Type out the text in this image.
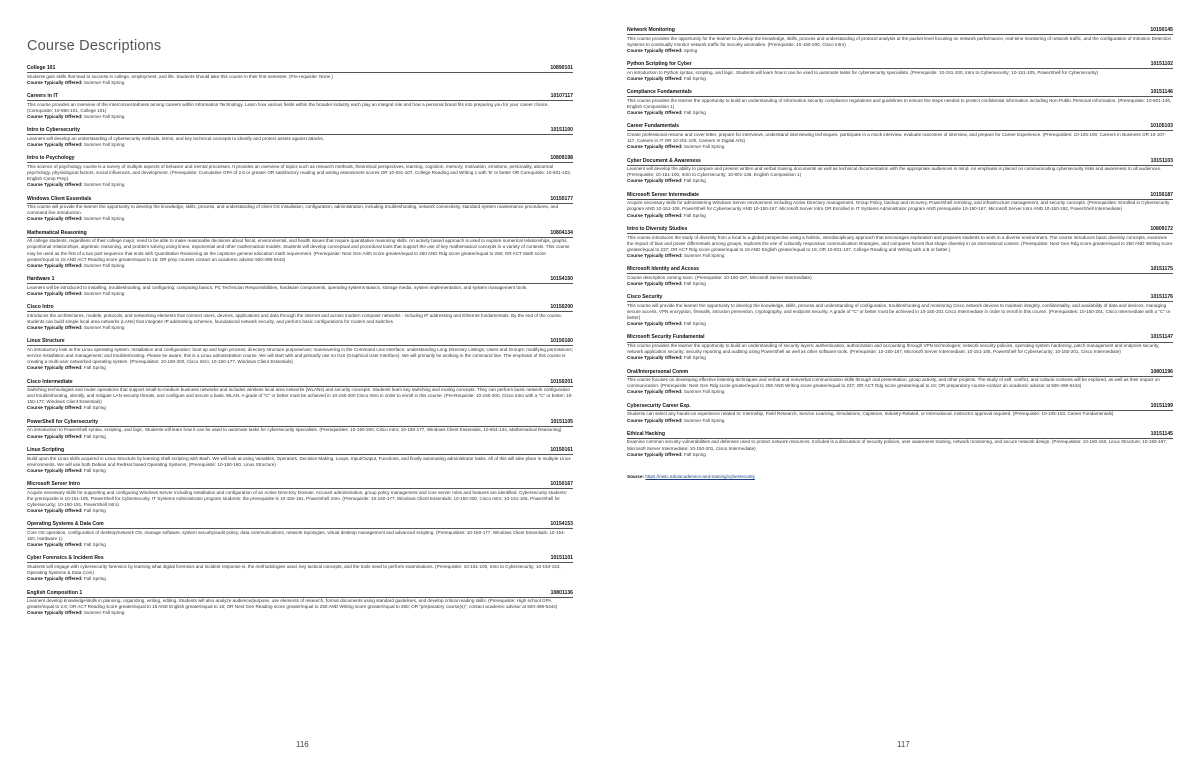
Course Descriptions
College 101	10890101
Students gain skills that lead to success in college, employment, and life. Students should take this course in their first semester. (Pre-requisite: None.)
Course Typically Offered: Summer Fall Spring
Careers in IT	10107117
This course provides an overview of the interconnectedness among careers within Information Technology. Learn how various fields within the broader industry each play an integral role and how a personal brand fits into preparing you for your career choice. (Corequisite: 10-890-101, College 101)
Course Typically Offered: Summer Fall Spring
Intro to Cybersecurity	10151100
Learners will develop an understanding of cybersecurity methods, terms, and key technical concepts to identify and protect assets against attacks.
Course Typically Offered: Summer Fall Spring
Intro to Psychology	10809198
This science of psychology course is a survey of multiple aspects of behavior and mental processes. It provides an overview of topics such as research methods, theoretical perspectives, learning, cognition, memory, motivation, emotions, personality, abnormal psychology, physiological factors, social influences, and development. (Prerequisite: Cumulative GPA of 2.6 or greater OR satisfactory reading and writing assessment scores OR 10-831-107, College Reading and Writing 1 with 'B' or better OR Corequisite: 10-831-102, English Comp Prep).
Course Typically Offered: Summer Fall Spring
Windows Client Essentials	10150177
This course will provide the learner the opportunity to develop the knowledge, skills, process, and understanding of client OS installation, configuration, administration, including troubleshooting, network connectivity, standard system maintenance procedures, and command line introduction.
Course Typically Offered: Summer Fall Spring
Mathematical Reasoning	10804134
All college students, regardless of their college major, need to be able to make reasonable decisions about fiscal, environmental, and health issues that require quantitative reasoning skills. An activity based approach is used to explore numerical relationships, graphs, proportional relationships, algebraic reasoning, and problem solving using linear, exponential and other mathematical models. Students will develop conceptual and procedural tools that support the use of key mathematical concepts in a variety of contexts. This course may be used as the first of a two part sequence that ends with Quantitative Reasoning as the capstone general education math requirement. (Prerequisite: Next Gen Arith score greater/equal to 250 AND Rdg score greater/equal to 250; OR ACT Math score greater/equal to 15 AND ACT Reading score greater/equal to 16; OR prep courses contact an academic advisor 920-498-5444)
Course Typically Offered: Summer Fall Spring
Hardware 1	10154150
Learners will be introduced to installing, troubleshooting, and configuring: computing basics, PC Technician Responsibilities, hardware components, operating systems Basics, storage media, system implementation, and system management tools.
Course Typically Offered: Summer Fall Spring
Cisco Intro	10150200
Introduces the architectures, models, protocols, and networking elements that connect users, devices, applications and data through the internet and across modern computer networks - including IP addressing and Ethernet fundamentals. By the end of the course, students can build simple local area networks (LANs) that integrate IP addressing schemes, foundational network security, and perform basic configurations for routers and switches.
Course Typically Offered: Summer Fall Spring
Linux Structure	10150160
An introductory look at the Linux operating system. Installation and configuration; boot up and login process; directory structure purpose/use; maneuvering in the Command Line Interface; understanding Long Directory Listings; Users and Groups; modifying permissions; service installation and management; and troubleshooting. Please be aware, this is a Linux administration course. We will start with and primarily use no GUI (Graphical User Interface). We will primarily be working in the command line. The emphasis of this course is creating a multi-user networked operating system. (Prerequisites: 10-150-200, Cisco Intro; 10-150-177, Windows Client Essentials)
Course Typically Offered: Fall Spring
Cisco Intermediate	10150201
Switching technologies and router operations that support small-to-medium business networks and includes wireless local area networks (WLANs) and security concepts. Students learn key switching and routing concepts. They can perform basic network configuration and troubleshooting, identify, and mitigate LAN security threats, and configure and secure a basic WLAN. A grade of "C" or better must be achieved in 10-150-200 Cisco Intro in order to enroll in this course. (Pre-Requisite: 10-150-200, Cisco Intro with a "C" or better; 10-150-177, Windows Client Essentials)
Course Typically Offered: Fall Spring
PowerShell for Cybersecurity	10151105
An introduction to PowerShell syntax, scripting, and logic. Students will learn how it can be used to automate tasks for cybersecurity specialists. (Prerequisites: 10-150-200, Cisco Intro; 10-150-177, Windows Client Essentials, 10-804-134, Mathematical Reasoning)
Course Typically Offered: Fall Spring
Linux Scripting	10150161
Build upon the Linux skills acquired in Linux Structure by learning shell scripting with Bash. We will look at using Variables, Operators, Decision Making, Loops, Input/Output, Functions, and finally automating administrator tasks. All of this will take place in multiple Linux environments. We will use both Debian and RedHat based Operating Systems. (Prerequisite: 10-150-160, Linux Structure)
Course Typically Offered: Fall Spring
Microsoft Server Intro	10150167
Acquire necessary skills for supporting and configuring Windows Server including installation and configuration of an Active Directory Domain. Account administration, group policy management and core server roles and features are identified. Cybersecurity students: the prerequisite is 10-151-105, PowerShell for Cybersecurity. IT Systems Administrator program students: the prerequisite is 10-150-191, PowerShell Intro. (Prerequisite: 10-150-177, Windows Client Essentials; 10-150-200, Cisco Intro; 10-151-105, PowerShell for Cybersecurity; 10-150-191, PowerShell Intro)
Course Typically Offered: Fall Spring
Operating Systems & Data Com	10154153
Core OS operation, configuration of desktop/network OS, manage software, system security/audit policy, data communications, network topologies, virtual desktop management and advanced scripting. (Prerequisites: 10-150-177, Windows Client Essentials; 10-154-150, Hardware 1)
Course Typically Offered: Fall Spring
Cyber Forensics & Incident Res	10151101
Students will engage with cybersecurity forensics by learning what digital forensics and incident response is, the methodologies used, key tactical concepts, and the tools need to perform examinations. (Prerequisite: 10-151-100, Intro to Cybersecurity; 10-154-153, Operating Systems & Data Com)
Course Typically Offered: Fall Spring
English Composition 1	10801136
Learners develop knowledge/skills in planning, organizing, writing, editing. Students will also analyze audience/purpose, use elements of research, format documents using standard guidelines, and develop critical reading skills. (Prerequisite: High school GPA greater/equal to 2.6; OR ACT Reading score greater/equal to 16 AND English greater/equal to 18; OR Next Gen Reading score greater/equal to 250 AND Writing score greater/equal to 260; OR "preparatory course(s)", contact academic advisor at 920-498-5444)
Course Typically Offered: Summer Fall Spring
116
Network Monitoring	10150145
This course provides the opportunity for the learner to develop the knowledge, skills, process and understanding of protocol analysis at the packet level focusing on network performance, real-time monitoring of network traffic, and the configuration of Intrusion Detection Systems to continually monitor network traffic for security anomalies. (Prerequisite: 10-150-200, Cisco Intro)
Course Typically Offered: Spring
Python Scripting for Cyber	10151102
An introduction to Python syntax, scripting, and logic. Students will learn how it can be used to automate tasks for cybersecurity specialists. (Prerequisite: 10-151-100, Intro to Cybersecurity; 10-151-105, PowerShell for Cybersecurity)
Course Typically Offered: Fall Spring
Compliance Fundamentals	10151146
This course provides the learner the opportunity to build an understanding of information security compliance regulations and guidelines to ensure the steps needed to protect confidential information including Non-Public Personal Information. (Prerequisite: 10-801-136, English Composition 1)
Course Typically Offered: Fall Spring
Career Fundamentals	10105103
Create professional resume and cover letter, prepare for interviews, understand interviewing techniques, participate in a mock interview, evaluate outcomes of interview, and prepare for Career Experience. (Prerequisites: 10-105-100, Careers in Business OR 10-107-117, Careers in IT OR 10-201-100, Careers In Digital Arts)
Course Typically Offered: Summer Fall Spring
Cyber Document & Awareness	10151103
Learners will develop the ability to prepare and present written and verbal training documents as well as technical documentation with the appropriate audiences in mind. An emphasis is placed on communicating cybersecurity risks and awareness to all audiences. (Prerequisite: 10-151-100, Intro to Cybersecurity; 10-801-136, English Composition 1)
Course Typically Offered: Fall Spring
Microsoft Server Intermediate	10150187
Acquire necessary skills for administering Windows Server environment including Active Directory management, Group Policy, backup and recovery, PowerShell remoting, and infrastructure management, and security concepts. (Prerequisites: Enrolled in Cybersecurity program AND 10-151-105, PowerShell for Cybersecurity AND 10-150-167, Microsoft Server Intro OR Enrolled in IT Systems Administrator program AND prerequisite 10-150-167, Microsoft Server Intro AND 10-150-192, PowerShell Intermediate)
Course Typically Offered: Fall Spring
Intro to Diversity Studies	10809172
This course introduces the study of diversity from a local to a global perspective using a holistic, interdisciplinary approach that encourages exploration and prepares students to work in a diverse environment. The course introduces basic diversity concepts, examines the impact of bias and power differentials among groups, explores the use of culturally responsive communication strategies, and compares forces that shape diversity in an international context. (Prerequisite: Next Gen Rdg score greater/equal to 250 AND Writing score greater/equal to 237; OR ACT Rdg score greater/equal to 16 AND English greater/equal to 15; OR 10-831-107, College Reading and Writing with a B or better.)
Course Typically Offered: Summer Fall Spring
Microsoft Identity and Access	10151175
Course description coming soon. (Prerequisite: 10-150-187, Microsoft Server Intermediate)
Course Typically Offered: Fall Spring
Cisco Security	10151176
This course will provide the learner the opportunity to develop the knowledge, skills, process and understanding of configuration, troubleshooting and monitoring Cisco network devices to maintain integrity, confidentiality, and availability of data and devices, managing secure access, VPN encryption, firewalls, intrusion prevention, cryptography, and endpoint security. A grade of "C" or better must be achieved in 10-150-201 Cisco Intermediate in order to enroll in this course. (Prerequisites: 10-150-201, Cisco Intermediate with a "C" or better)
Course Typically Offered: Fall Spring
Microsoft Security Fundamental	10151147
This course provides the learner the opportunity to build an understanding of security layers; authentication, authorization and accounting through VPN technologies; network security policies, operating system hardening, patch management and endpoint security, network application security; security reporting and auditing using PowerShell as well as other software tools. (Prerequisite: 10-150-187, Microsoft Server Intermediate; 10-151-105, PowerShell for Cybersecurity; 10-150-201, Cisco Intermediate)
Course Typically Offered: Fall Spring
Oral/Interpersonal Comm	10801196
This course focuses on developing effective listening techniques and verbal and nonverbal communication skills through oral presentation, group activity, and other projects. The study of self, conflict, and cultural contexts will be explored, as well as their impact on communication. (Prerequisite: Next Gen Rdg score greater/equal to 250 AND Writing score greater/equal to 237; OR ACT Rdg score greater/equal to 16; OR preparatory course-contact an academic advisor at 920-498-5444)
Course Typically Offered: Summer Fall Spring
Cybersecurity Career Exp.	10151199
Students can select any hands-on experience related to: Internship, Field Research, Service Learning, Simulations, Capstone, Industry-Related, or International. Instructor approval required. (Prerequisite: 10-105-103, Career Fundamentals)
Course Typically Offered: Summer Fall Spring
Ethical Hacking	10151145
Examine common security vulnerabilities and defenses used to protect network resources. Included is a discussion of security policies, user awareness training, network monitoring, and secure network design. (Prerequisites: 10-150-160, Linux Structure; 10-150-187, Microsoft Server Intermediate; 10-150-201, Cisco Intermediate)
Course Typically Offered: Fall Spring
Source: https://nwtc.edu/academics-and-training/cybersecurity
117
